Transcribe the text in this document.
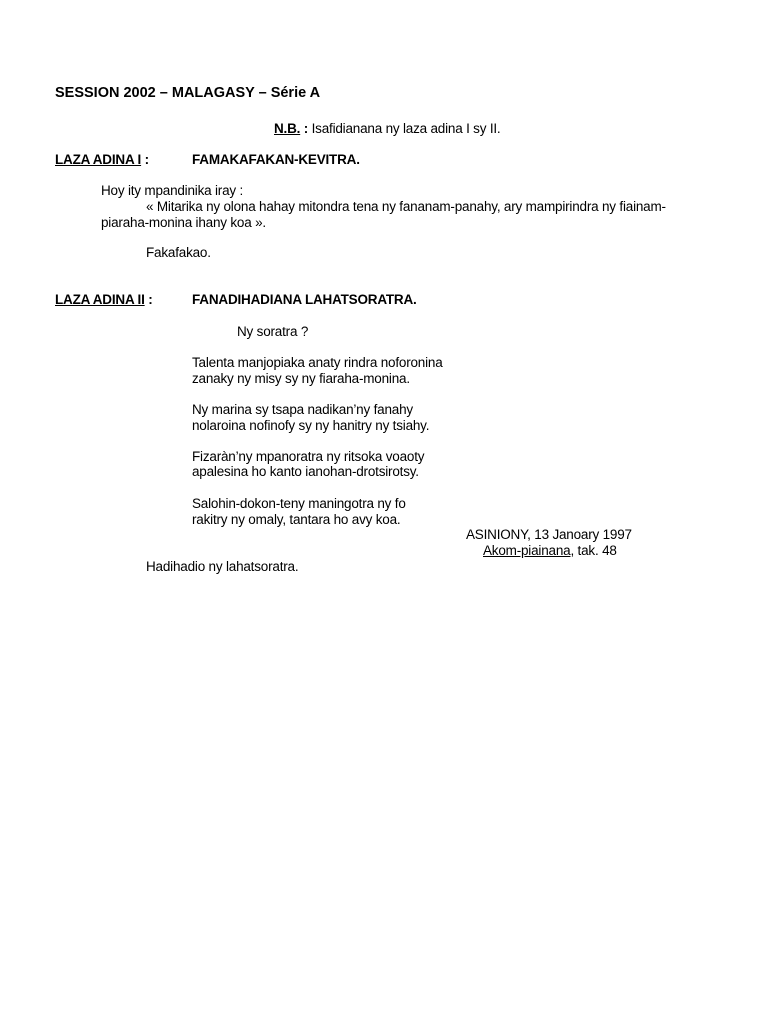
SESSION 2002 – MALAGASY – Série A
N.B. : Isafidianana ny laza adina I sy II.
LAZA ADINA I :	FAMAKAFAKAN-KEVITRA.
Hoy ity mpandinika iray :
« Mitarika ny olona hahay mitondra tena ny fananam-panahy, ary mampirindra ny fiainam-
piaraha-monina ihany koa ».
Fakafakao.
LAZA ADINA II :	FANADIHADIANA LAHATSORATRA.
Ny soratra ?
Talenta manjopiaka anaty rindra noforonina
zanaky ny misy sy ny fiaraha-monina.
Ny marina sy tsapa nadikan’ny fanahy
nolaroina nofinofy sy ny hanitry ny tsiahy.
Fizaràn’ny mpanoratra ny ritsoka voaoty
apalesina ho kanto ianohan-drotsirotsy.
Salohin-dokon-teny maningotra ny fo
rakitry ny omaly, tantara ho avy koa.
ASINIONY, 13 Janoary 1997
Akom-piainana, tak. 48
Hadihadio ny lahatsoratra.
